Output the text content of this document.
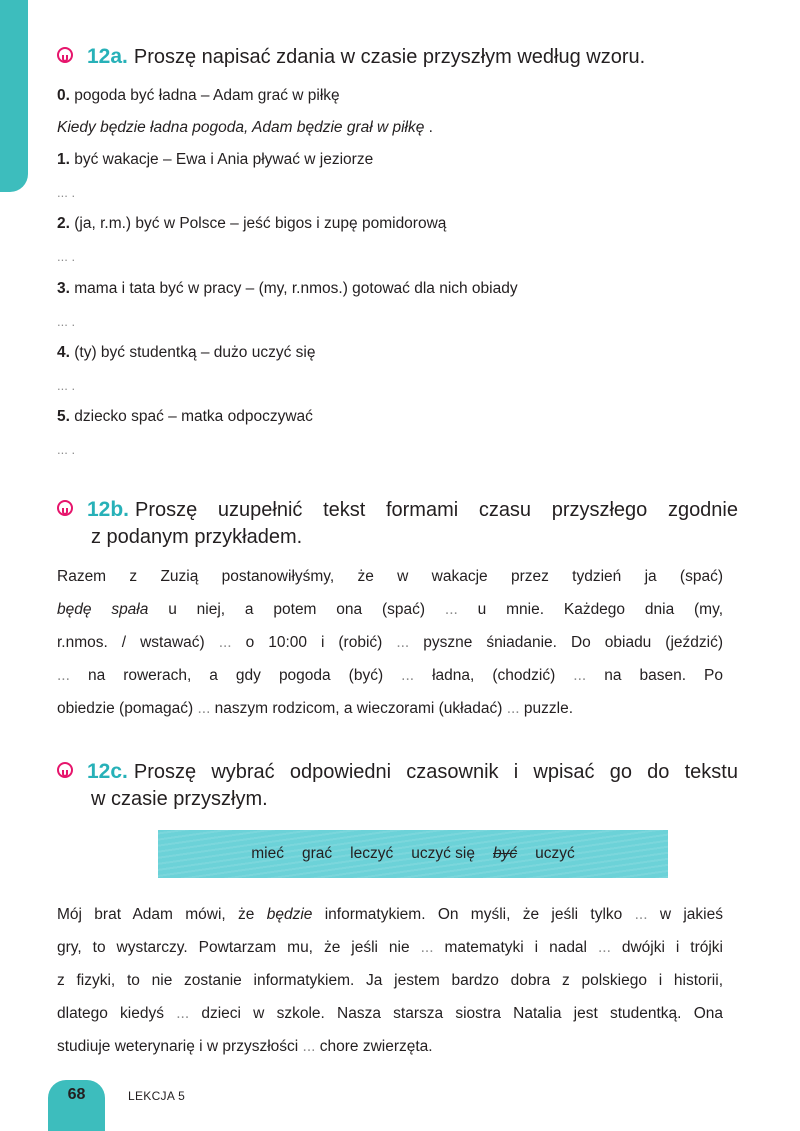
12a. Proszę napisać zdania w czasie przyszłym według wzoru.
0. pogoda być ładna – Adam grać w piłkę
Kiedy będzie ładna pogoda, Adam będzie grał w piłkę .
1. być wakacje – Ewa i Ania pływać w jeziorze
... .
2. (ja, r.m.) być w Polsce – jeść bigos i zupę pomidorową
... .
3. mama i tata być w pracy – (my, r.nmos.) gotować dla nich obiady
... .
4. (ty) być studentką – dużo uczyć się
... .
5. dziecko spać – matka odpoczywać
... .
12b. Proszę uzupełnić tekst formami czasu przyszłego zgodnie
z podanym przykładem.
Razem z Zuzią postanowiłyśmy, że w wakacje przez tydzień ja (spać)
będę spała u niej, a potem ona (spać) ... u mnie. Każdego dnia (my,
r.nmos. / wstawać) ... o 10:00 i (robić) ... pyszne śniadanie. Do obiadu (jeździć)
... na rowerach, a gdy pogoda (być) ... ładna, (chodzić) ... na basen. Po
obiedzie (pomagać) ... naszym rodzicom, a wieczorami (układać) ... puzzle.
12c. Proszę wybrać odpowiedni czasownik i wpisać go do tekstu
w czasie przyszłym.
mieć grać leczyć uczyć się być uczyć
Mój brat Adam mówi, że będzie informatykiem. On myśli, że jeśli tylko ... w jakieś
gry, to wystarczy. Powtarzam mu, że jeśli nie ... matematyki i nadal ... dwójki i trójki
z fizyki, to nie zostanie informatykiem. Ja jestem bardzo dobra z polskiego i historii,
dlatego kiedyś ... dzieci w szkole. Nasza starsza siostra Natalia jest studentką. Ona
studiuje weterynarię i w przyszłości ... chore zwierzęta.
68	LEKCJA 5
